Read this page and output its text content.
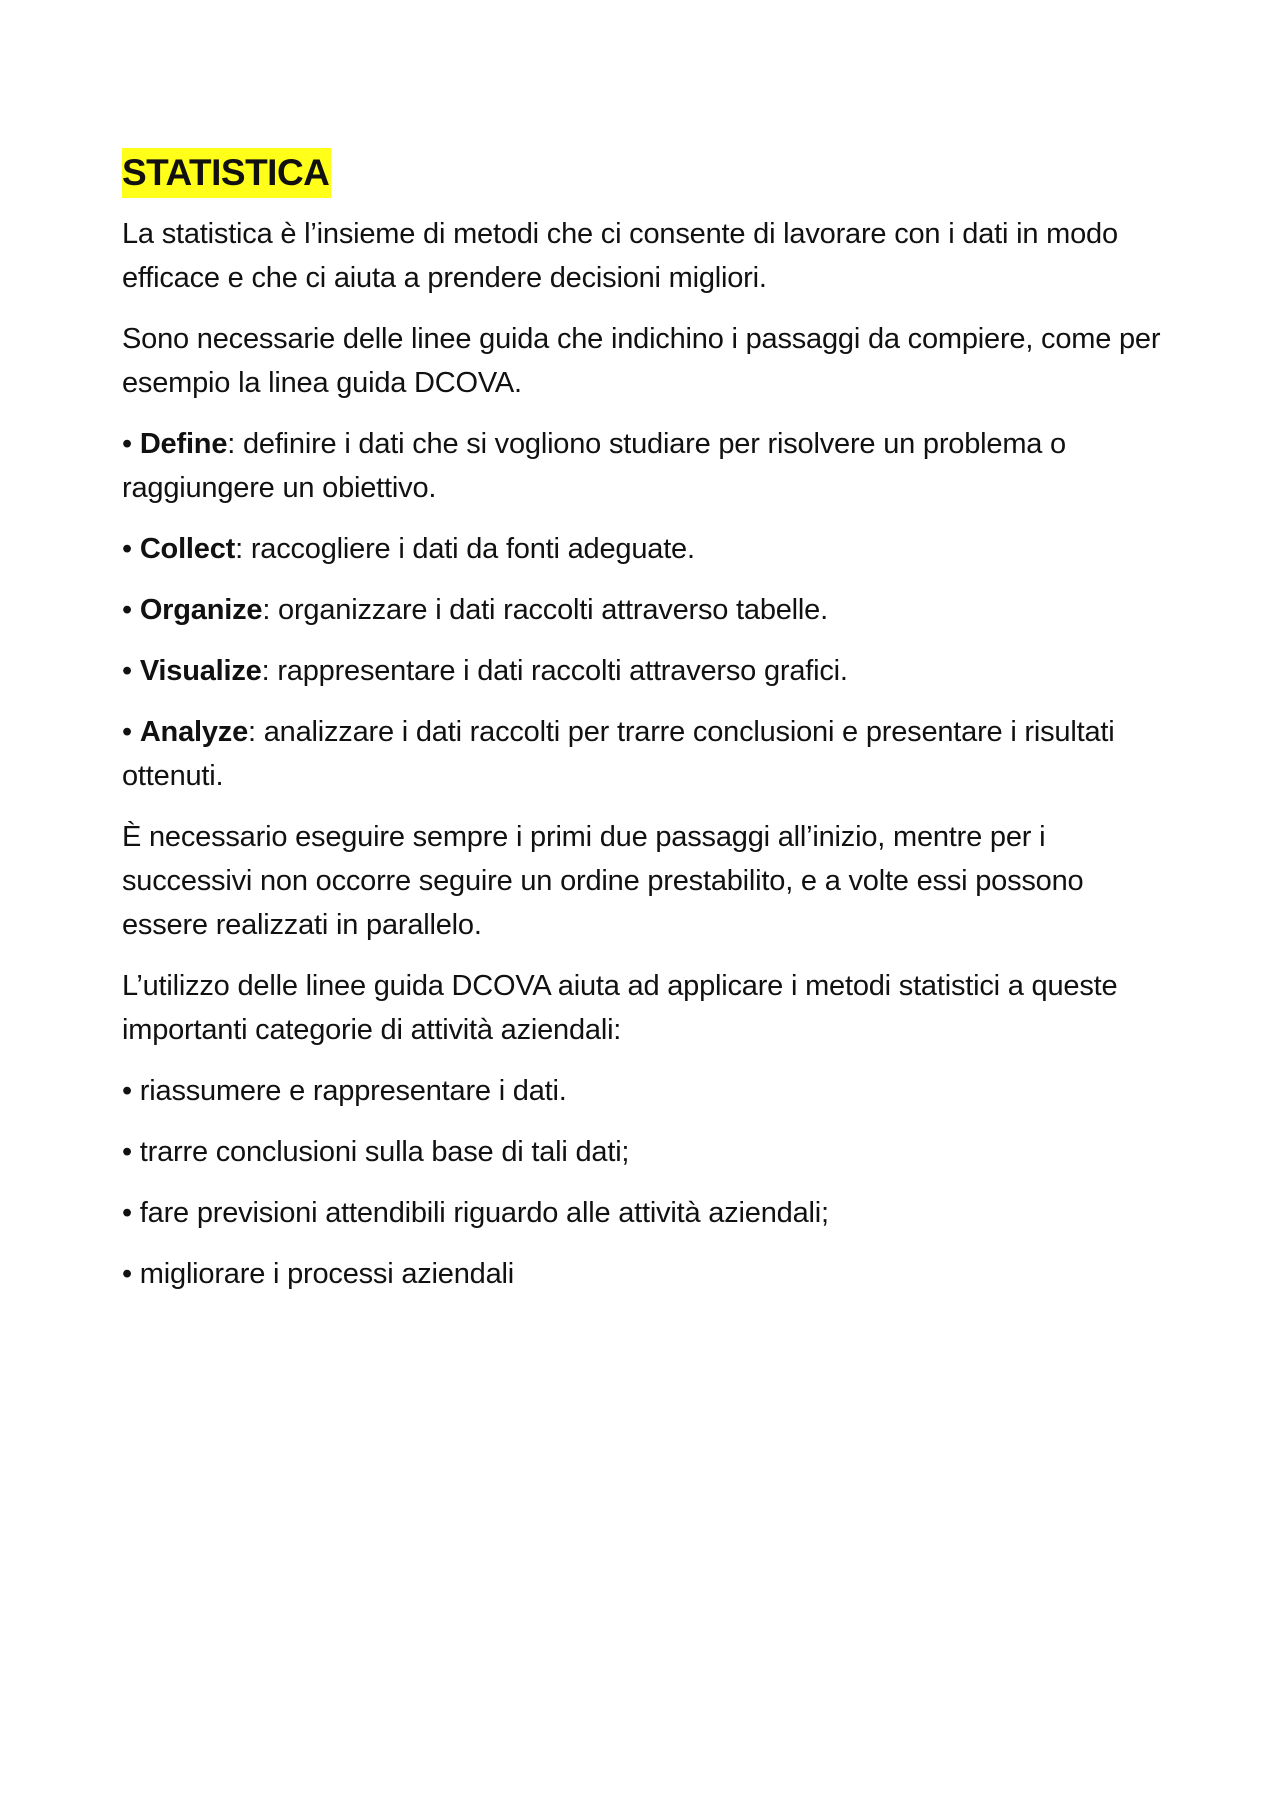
STATISTICA

La statistica è l’insieme di metodi che ci consente di lavorare con i dati in modo efficace e che ci aiuta a prendere decisioni migliori.

Sono necessarie delle linee guida che indichino i passaggi da compiere, come per esempio la linea guida DCOVA.

• Define: definire i dati che si vogliono studiare per risolvere un problema o raggiungere un obiettivo.

• Collect: raccogliere i dati da fonti adeguate.

• Organize: organizzare i dati raccolti attraverso tabelle.

• Visualize: rappresentare i dati raccolti attraverso grafici.

• Analyze: analizzare i dati raccolti per trarre conclusioni e presentare i risultati ottenuti.

È necessario eseguire sempre i primi due passaggi all’inizio, mentre per i successivi non occorre seguire un ordine prestabilito, e a volte essi possono essere realizzati in parallelo.

L’utilizzo delle linee guida DCOVA aiuta ad applicare i metodi statistici a queste importanti categorie di attività aziendali:

• riassumere e rappresentare i dati.

• trarre conclusioni sulla base di tali dati;

• fare previsioni attendibili riguardo alle attività aziendali;

• migliorare i processi aziendali
